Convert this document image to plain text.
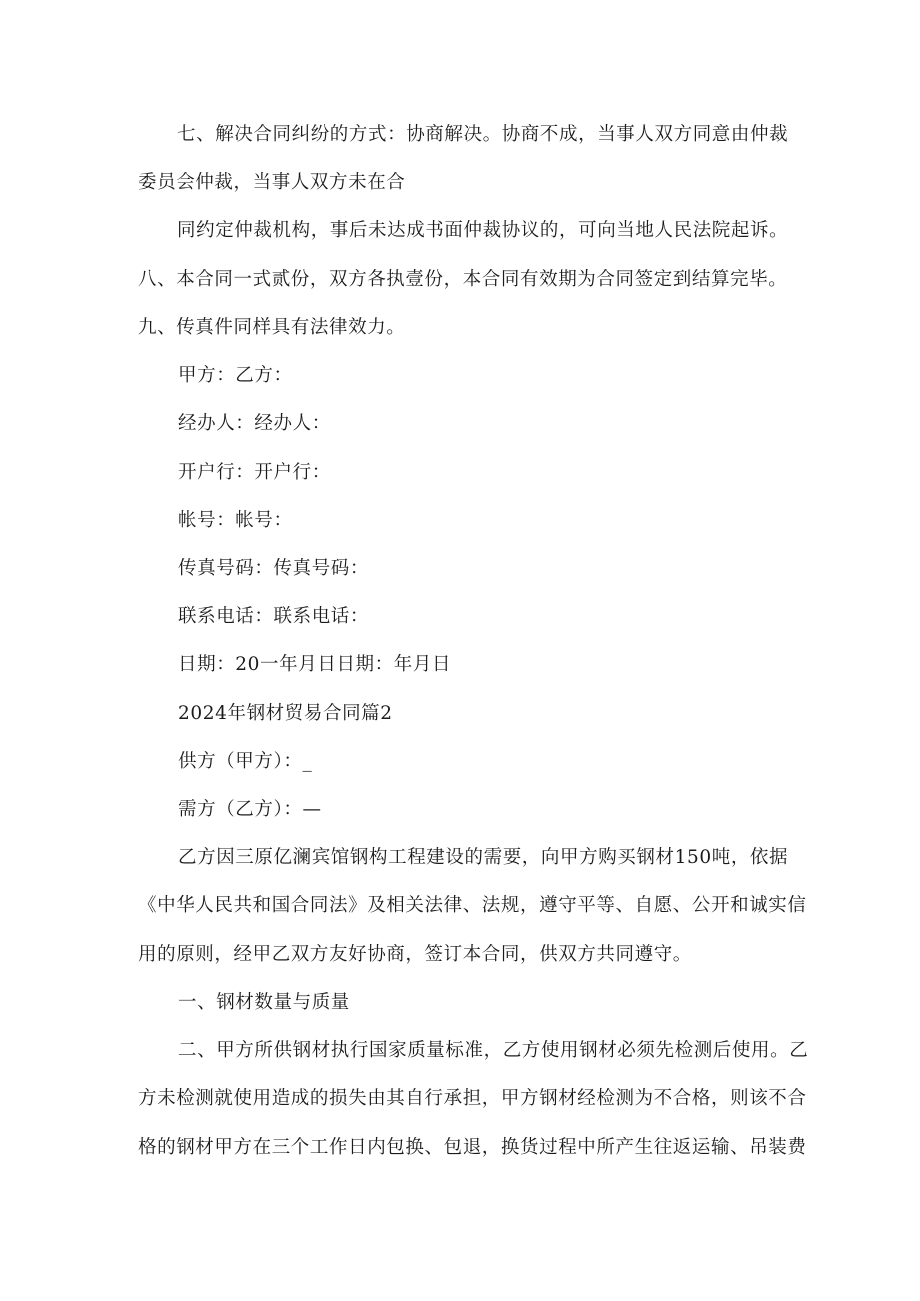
七、解决合同纠纷的方式：协商解决。协商不成，当事人双方同意由仲裁
委员会仲裁，当事人双方未在合
同约定仲裁机构，事后未达成书面仲裁协议的，可向当地人民法院起诉。
八、本合同一式贰份，双方各执壹份，本合同有效期为合同签定到结算完毕。
九、传真件同样具有法律效力。
甲方：乙方：
经办人：经办人：
开户行：开户行：
帐号：帐号：
传真号码：传真号码：
联系电话：联系电话：
日期：20一年月日日期：年月日
2024年钢材贸易合同篇2
供方（甲方）：_
需方（乙方）：—
乙方因三原亿澜宾馆钢构工程建设的需要，向甲方购买钢材150吨，依据
《中华人民共和国合同法》及相关法律、法规，遵守平等、自愿、公开和诚实信
用的原则，经甲乙双方友好协商，签订本合同，供双方共同遵守。
一、钢材数量与质量
二、甲方所供钢材执行国家质量标准，乙方使用钢材必须先检测后使用。乙
方未检测就使用造成的损失由其自行承担，甲方钢材经检测为不合格，则该不合
格的钢材甲方在三个工作日内包换、包退，换货过程中所产生往返运输、吊装费
